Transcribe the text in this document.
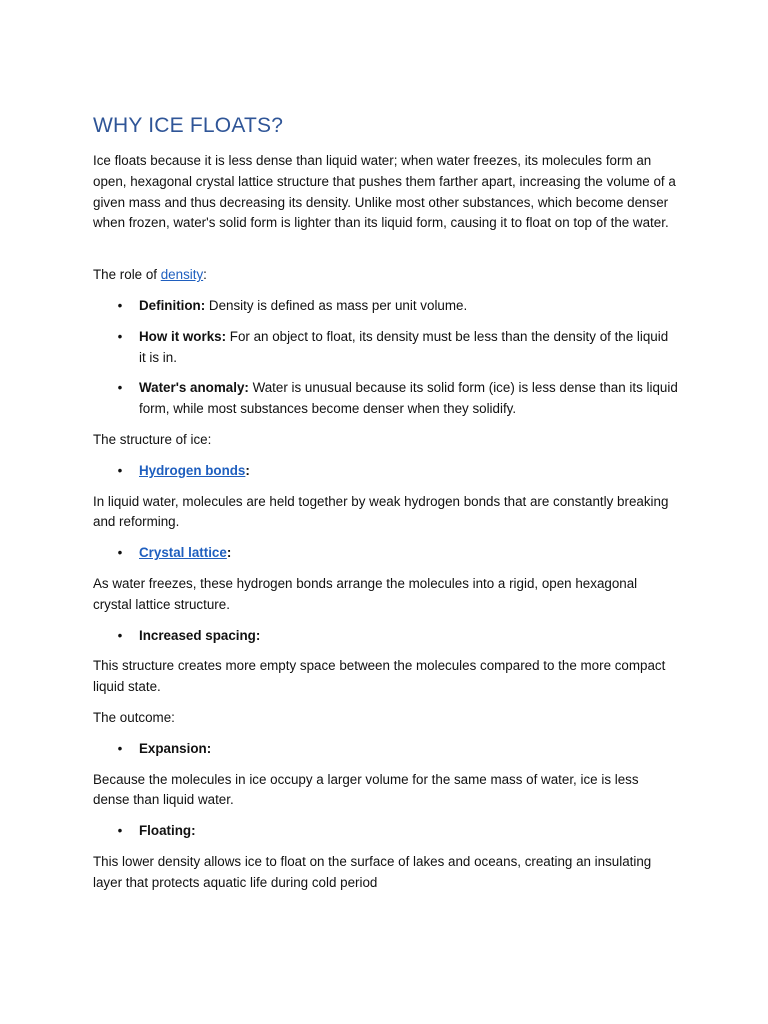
WHY ICE FLOATS?

Ice floats because it is less dense than liquid water; when water freezes, its molecules form an open, hexagonal crystal lattice structure that pushes them farther apart, increasing the volume of a given mass and thus decreasing its density. Unlike most other substances, which become denser when frozen, water's solid form is lighter than its liquid form, causing it to float on top of the water.

The role of density:

• Definition: Density is defined as mass per unit volume.
• How it works: For an object to float, its density must be less than the density of the liquid it is in.
• Water's anomaly: Water is unusual because its solid form (ice) is less dense than its liquid form, while most substances become denser when they solidify.

The structure of ice:

• Hydrogen bonds:

In liquid water, molecules are held together by weak hydrogen bonds that are constantly breaking and reforming.

• Crystal lattice:

As water freezes, these hydrogen bonds arrange the molecules into a rigid, open hexagonal crystal lattice structure.

• Increased spacing:

This structure creates more empty space between the molecules compared to the more compact liquid state.

The outcome:

• Expansion:

Because the molecules in ice occupy a larger volume for the same mass of water, ice is less dense than liquid water.

• Floating:

This lower density allows ice to float on the surface of lakes and oceans, creating an insulating layer that protects aquatic life during cold period
